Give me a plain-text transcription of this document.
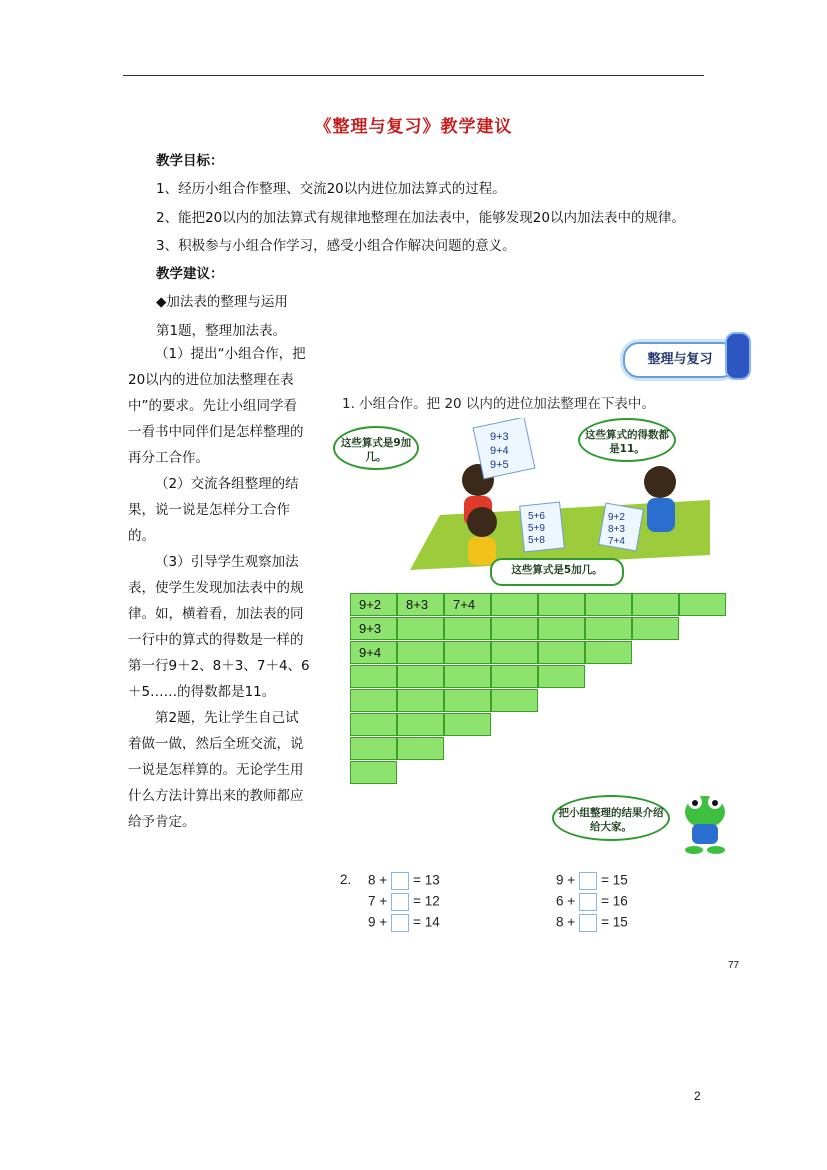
《整理与复习》教学建议
教学目标：
1、经历小组合作整理、交流20以内进位加法算式的过程。
2、能把20以内的加法算式有规律地整理在加法表中，能够发现20以内加法表中的规律。
3、积极参与小组合作学习，感受小组合作解决问题的意义。
教学建议：
◆加法表的整理与运用
第1题，整理加法表。

（1）提出“小组合作，把20以内的进位加法整理在表中”的要求。先让小组同学看一看书中同伴们是怎样整理的再分工合作。

（2）交流各组整理的结果，说一说是怎样分工合作的。

（3）引导学生观察加法表，使学生发现加法表中的规律。如，横着看，加法表的同一行中的算式的得数是一样的第一行9＋2、8＋3、7＋4、6＋5……的得数都是11。

第2题，先让学生自己试着做一做，然后全班交流，说一说是怎样算的。无论学生用什么方法计算出来的教师都应给予肯定。

整理与复习
1. 小组合作。把 20 以内的进位加法整理在下表中。
5+6 5+9 5+8
9+2 8+3 7+4
9+3 9+4 9+5
这些算式是9加几。
这些算式的得数都是11。
这些算式是5加几。
9+2	8+3	7+4
9+3
9+4
把小组整理的结果介绍给大家。
2.
77
8 + = 13	9 + = 15
7 + = 12	6 + = 16
9 + = 14	8 + = 15
2
